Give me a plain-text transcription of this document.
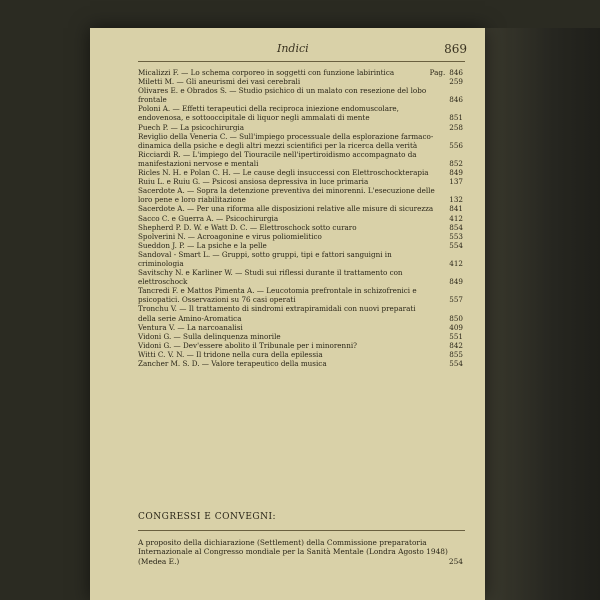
Indici	869
Micalizzi F. — Lo schema corporeo in soggetti con funzione labirintica	Pag. 846
Miletti M. — Gli aneurismi dei vasi cerebrali	259
Olivares E. e Obrados S. — Studio psichico di un malato con resezione del lobo frontale	846
Poloni A. — Effetti terapeutici della reciproca iniezione endomuscolare, endovenosa, e sottooccipitale di liquor negli ammalati di mente	851
Puech P. — La psicochirurgia	258
Reviglio della Veneria C. — Sull'impiego processuale della esplorazione farmaco-dinamica della psiche e degli altri mezzi scientifici per la ricerca della verità	556
Ricciardi R. — L'impiego del Tiouracile nell'ipertiroidismo accompagnato da manifestazioni nervose e mentali	852
Ricles N. H. e Polan C. H. — Le cause degli insuccessi con Elettroschockterapia	849
Ruiu L. e Ruiu G. — Psicosi ansiosa depressiva in luce primaria	137
Sacerdote A. — Sopra la detenzione preventiva dei minorenni. L'esecuzione delle loro pene e loro riabilitazione	132
Sacerdote A. — Per una riforma alle disposizioni relative alle misure di sicurezza 841
Sacco C. e Guerra A. — Psicochirurgia	412
Shepherd P. D. W. e Watt D. C. — Elettroschock sotto curaro	854
Spolverini N. — Acroagonine e virus poliomielitico	553
Sueddon J. P. — La psiche e la pelle	554
Sandoval - Smart L. — Gruppi, sotto gruppi, tipi e fattori sanguigni in criminologia	412
Savitschy N. e Karliner W. — Studi sui riflessi durante il trattamento con elettroschock	849
Tancredi F. e Mattos Pimenta A. — Leucotomia prefrontale in schizofrenici e psicopatici. Osservazioni su 76 casi operati	557
Tronchu V. — Il trattamento di sindromi extrapiramidali con nuovi preparati della serie Amino-Aromatica	850
Ventura V. — La narcoanalisi	409
Vidoni G. — Sulla delinquenza minorile	551
Vidoni G. — Dev'essere abolito il Tribunale per i minorenni?	842
Witti C. V. N. — Il tridone nella cura della epilessia	855
Zancher M. S. D. — Valore terapeutico della musica	554
CONGRESSI E CONVEGNI:
A proposito della dichiarazione (Settlement) della Commissione preparatoria Internazionale al Congresso mondiale per la Sanità Mentale (Londra Agosto 1948) (Medea E.)	254
